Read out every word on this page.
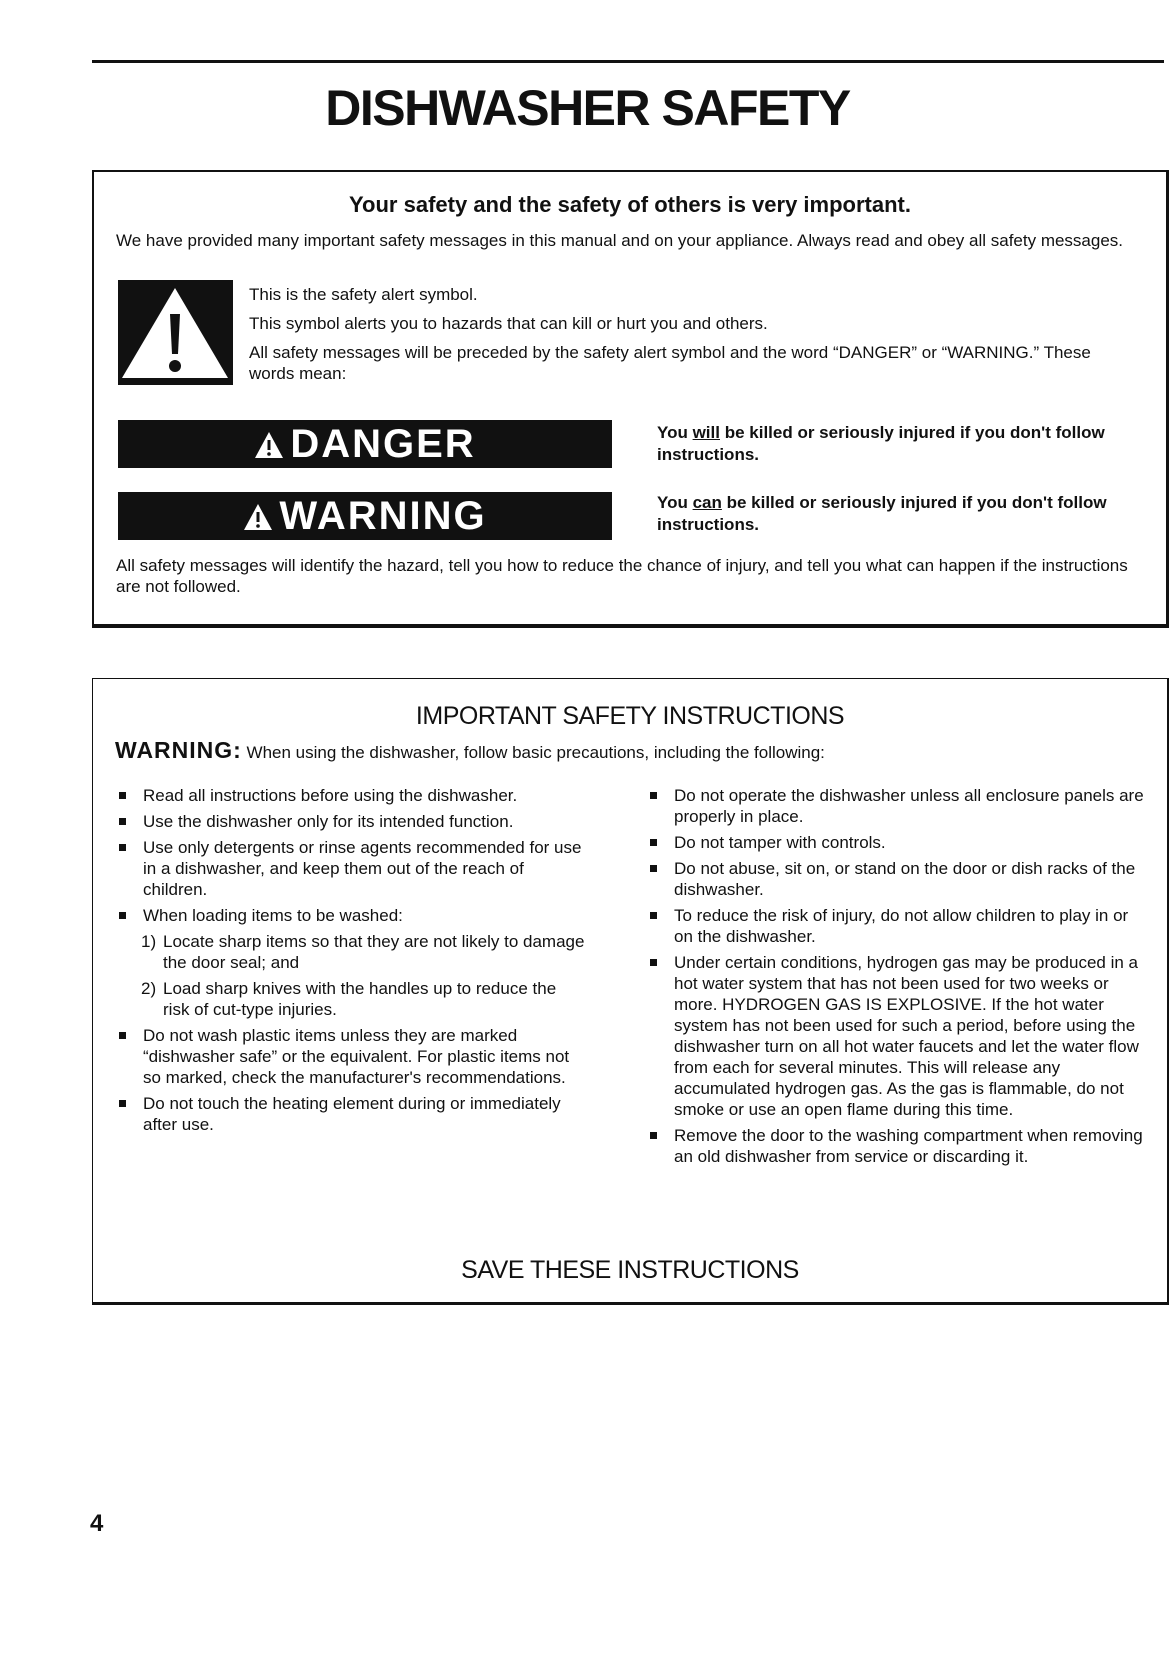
DISHWASHER SAFETY
Your safety and the safety of others is very important.
We have provided many important safety messages in this manual and on your appliance. Always read and obey all safety messages.
This is the safety alert symbol.
This symbol alerts you to hazards that can kill or hurt you and others.
All safety messages will be preceded by the safety alert symbol and the word “DANGER” or “WARNING.” These words mean:
DANGER	You will be killed or seriously injured if you don't follow instructions.
WARNING	You can be killed or seriously injured if you don't follow instructions.
All safety messages will identify the hazard, tell you how to reduce the chance of injury, and tell you what can happen if the instructions are not followed.
IMPORTANT SAFETY INSTRUCTIONS
WARNING: When using the dishwasher, follow basic precautions, including the following:
Read all instructions before using the dishwasher.
Use the dishwasher only for its intended function.
Use only detergents or rinse agents recommended for use in a dishwasher, and keep them out of the reach of children.
When loading items to be washed:
1) Locate sharp items so that they are not likely to damage the door seal; and
2) Load sharp knives with the handles up to reduce the risk of cut-type injuries.
Do not wash plastic items unless they are marked “dishwasher safe” or the equivalent. For plastic items not so marked, check the manufacturer's recommendations.
Do not touch the heating element during or immediately after use.
Do not operate the dishwasher unless all enclosure panels are properly in place.
Do not tamper with controls.
Do not abuse, sit on, or stand on the door or dish racks of the dishwasher.
To reduce the risk of injury, do not allow children to play in or on the dishwasher.
Under certain conditions, hydrogen gas may be produced in a hot water system that has not been used for two weeks or more. HYDROGEN GAS IS EXPLOSIVE. If the hot water system has not been used for such a period, before using the dishwasher turn on all hot water faucets and let the water flow from each for several minutes. This will release any accumulated hydrogen gas. As the gas is flammable, do not smoke or use an open flame during this time.
Remove the door to the washing compartment when removing an old dishwasher from service or discarding it.
SAVE THESE INSTRUCTIONS
4
